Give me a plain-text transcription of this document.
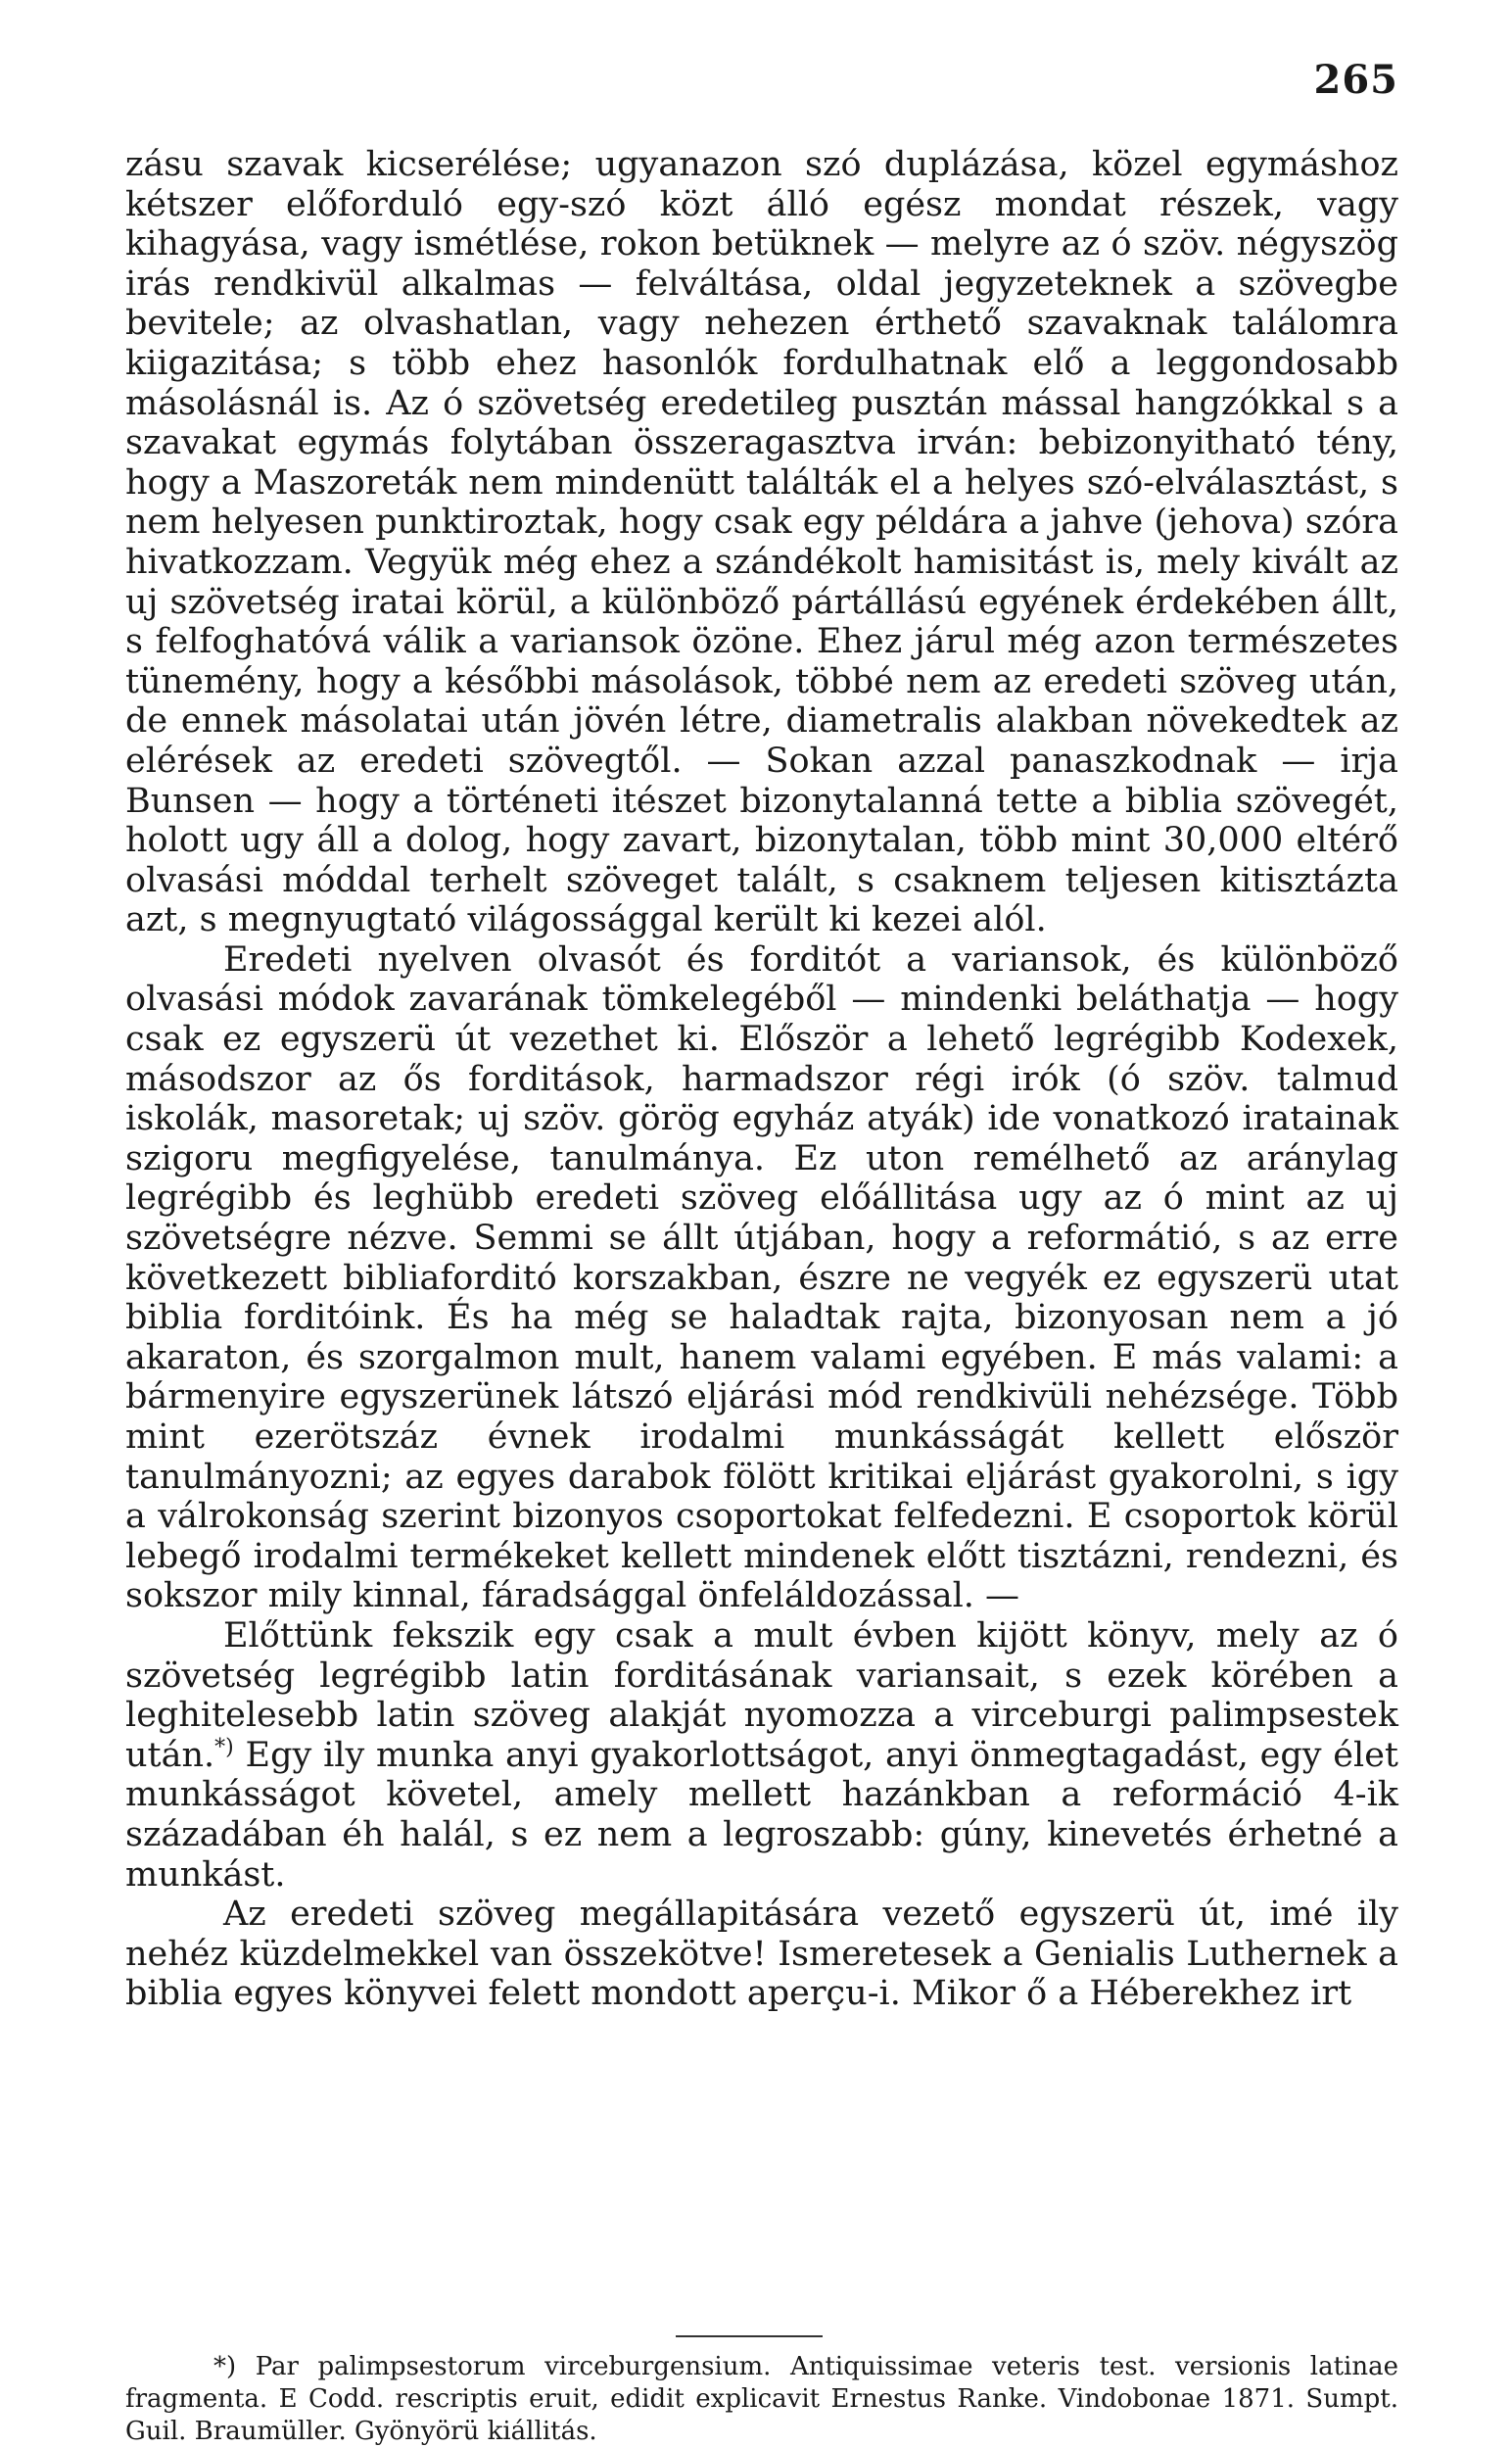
265

zásu szavak kicserélése; ugyanazon szó duplázása, közel egymáshoz kétszer előforduló egy-szó közt álló egész mondat részek, vagy kihagyása, vagy ismétlése, rokon betüknek — melyre az ó szöv. négyszög irás rendkivül alkalmas — felváltása, oldal jegyzeteknek a szövegbe bevitele; az olvashatlan, vagy nehezen érthető szavaknak találomra kiigazitása; s több ehez hasonlók fordulhatnak elő a leggondosabb másolásnál is. Az ó szövetség eredetileg pusztán mással hangzókkal s a szavakat egymás folytában összeragasztva irván: bebizonyitható tény, hogy a Maszoreták nem mindenütt találták el a helyes szó-elválasztást, s nem helyesen punktiroztak, hogy csak egy példára a jahve (jehova) szóra hivatkozzam. Vegyük még ehez a szándékolt hamisitást is, mely kivált az uj szövetség iratai körül, a különböző pártállású egyének érdekében állt, s felfoghatóvá válik a variansok özöne. Ehez járul még azon természetes tünemény, hogy a későbbi másolások, többé nem az eredeti szöveg után, de ennek másolatai után jövén létre, diametralis alakban növekedtek az elérések az eredeti szövegtől. — Sokan azzal panaszkodnak — irja Bunsen — hogy a történeti itészet bizonytalanná tette a biblia szövegét, holott ugy áll a dolog, hogy zavart, bizonytalan, több mint 30,000 eltérő olvasási móddal terhelt szöveget talált, s csaknem teljesen kitisztázta azt, s megnyugtató világossággal került ki kezei alól.

Eredeti nyelven olvasót és forditót a variansok, és különböző olvasási módok zavarának tömkelegéből — mindenki beláthatja — hogy csak ez egyszerü út vezethet ki. Először a lehető legrégibb Kodexek, másodszor az ős forditások, harmadszor régi irók (ó szöv. talmud iskolák, masoretak; uj szöv. görög egyház atyák) ide vonatkozó iratainak szigoru megfigyelése, tanulmánya. Ez uton remélhető az aránylag legrégibb és leghübb eredeti szöveg előállitása ugy az ó mint az uj szövetségre nézve. Semmi se állt útjában, hogy a reformátió, s az erre következett bibliaforditó korszakban, észre ne vegyék ez egyszerü utat biblia forditóink. És ha még se haladtak rajta, bizonyosan nem a jó akaraton, és szorgalmon mult, hanem valami egyében. E más valami: a bármenyire egyszerünek látszó eljárási mód rendkivüli nehézsége. Több mint ezerötszáz évnek irodalmi munkásságát kellett először tanulmányozni; az egyes darabok fölött kritikai eljárást gyakorolni, s igy a válrokonság szerint bizonyos csoportokat felfedezni. E csoportok körül lebegő irodalmi termékeket kellett mindenek előtt tisztázni, rendezni, és sokszor mily kinnal, fáradsággal önfeláldozással. —

Előttünk fekszik egy csak a mult évben kijött könyv, mely az ó szövetség legrégibb latin forditásának variansait, s ezek körében a leghitelesebb latin szöveg alakját nyomozza a virceburgi palimpsestek után.*) Egy ily munka anyi gyakorlottságot, anyi önmegtagadást, egy élet munkásságot követel, amely mellett hazánkban a reformáció 4-ik századában éh halál, s ez nem a legroszabb: gúny, kinevetés érhetné a munkást.

Az eredeti szöveg megállapitására vezető egyszerü út, imé ily nehéz küzdelmekkel van összekötve! Ismeretesek a Genialis Luthernek a biblia egyes könyvei felett mondott aperçu-i. Mikor ő a Héberekhez irt

*) Par palimpsestorum virceburgensium. Antiquissimae veteris test. versionis latinae fragmenta. E Codd. rescriptis eruit, edidit explicavit Ernestus Ranke. Vindobonae 1871. Sumpt. Guil. Braumüller. Gyönyörü kiállitás.
